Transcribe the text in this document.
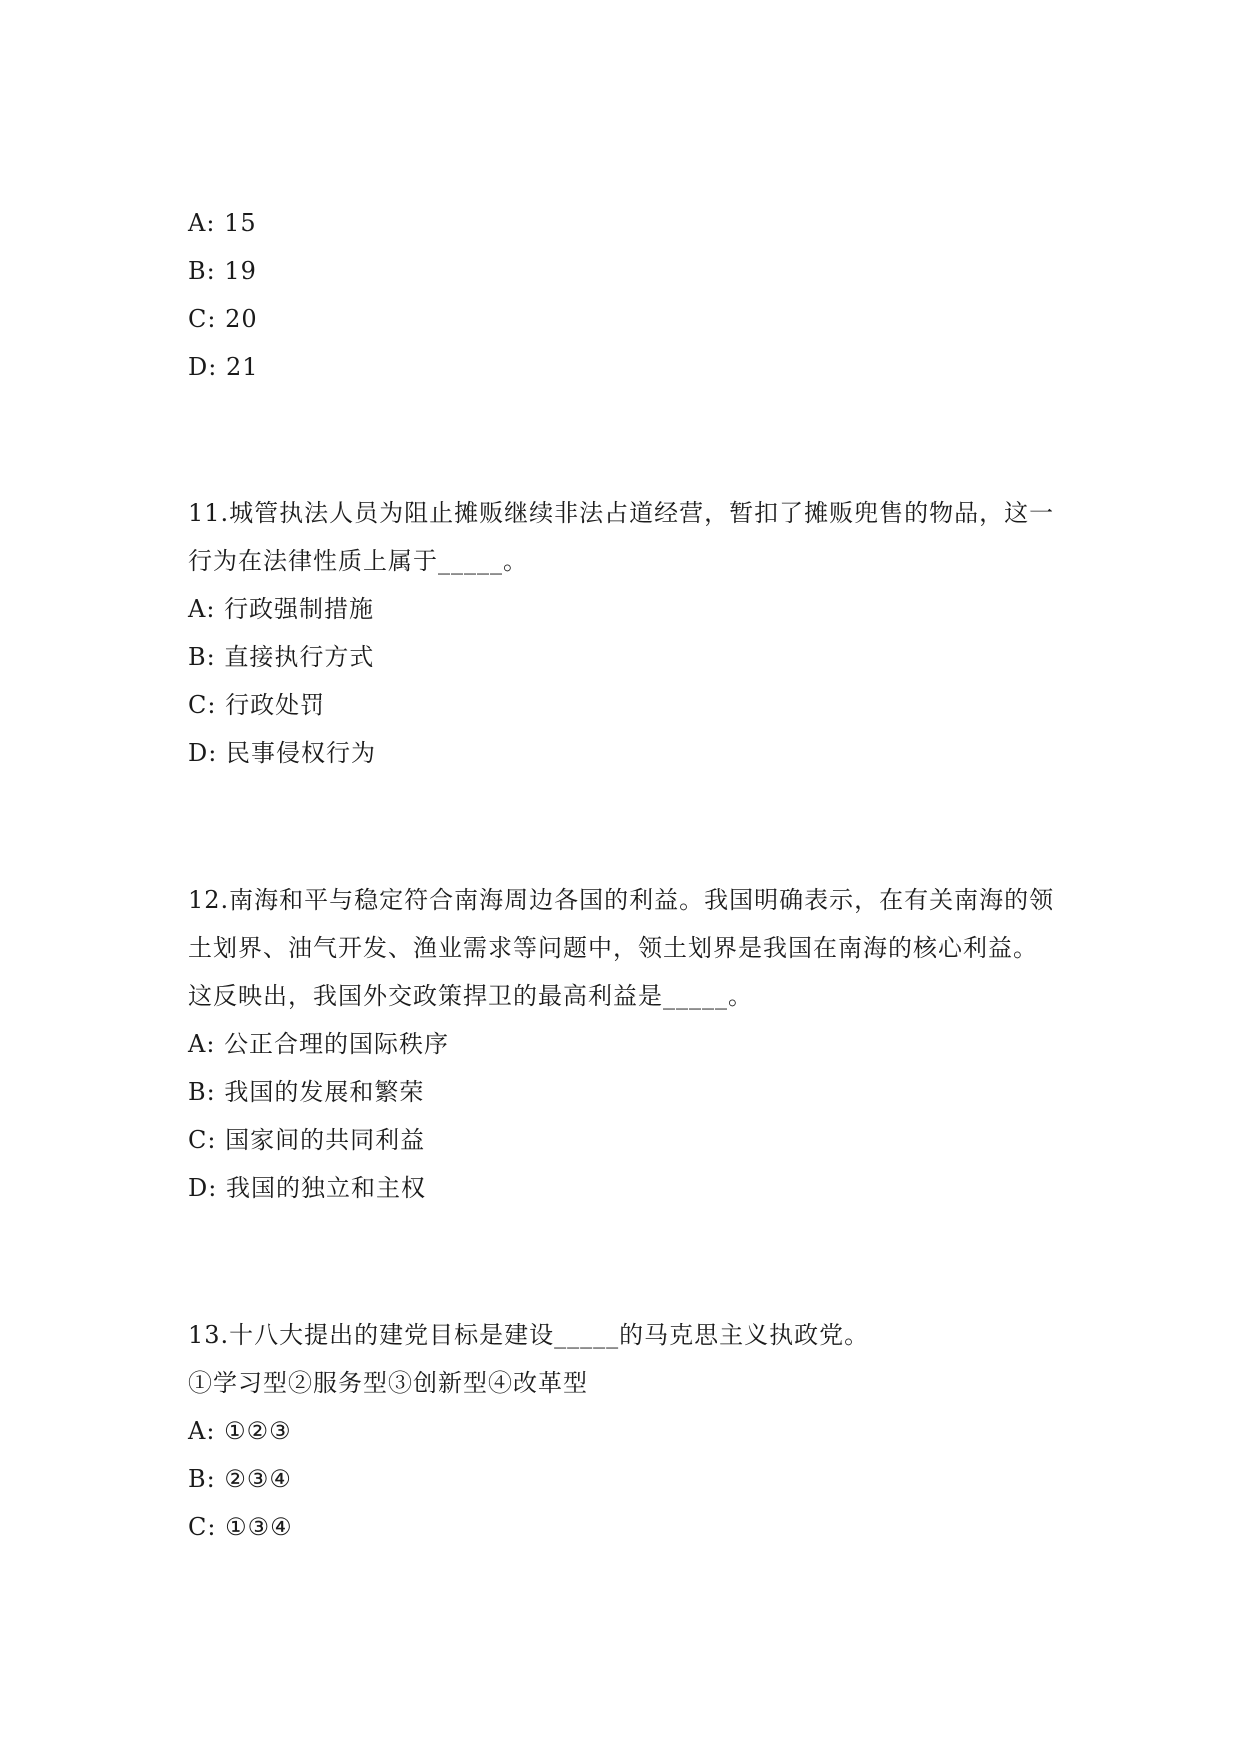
A: 15
B: 19
C: 20
D: 21
11.城管执法人员为阻止摊贩继续非法占道经营，暂扣了摊贩兜售的物品，这一
行为在法律性质上属于_____。
A: 行政强制措施
B: 直接执行方式
C: 行政处罚
D: 民事侵权行为
12.南海和平与稳定符合南海周边各国的利益。我国明确表示，在有关南海的领
土划界、油气开发、渔业需求等问题中，领土划界是我国在南海的核心利益。
这反映出，我国外交政策捍卫的最高利益是_____。
A: 公正合理的国际秩序
B: 我国的发展和繁荣
C: 国家间的共同利益
D: 我国的独立和主权
13.十八大提出的建党目标是建设_____的马克思主义执政党。
①学习型②服务型③创新型④改革型
A: ①②③
B: ②③④
C: ①③④
